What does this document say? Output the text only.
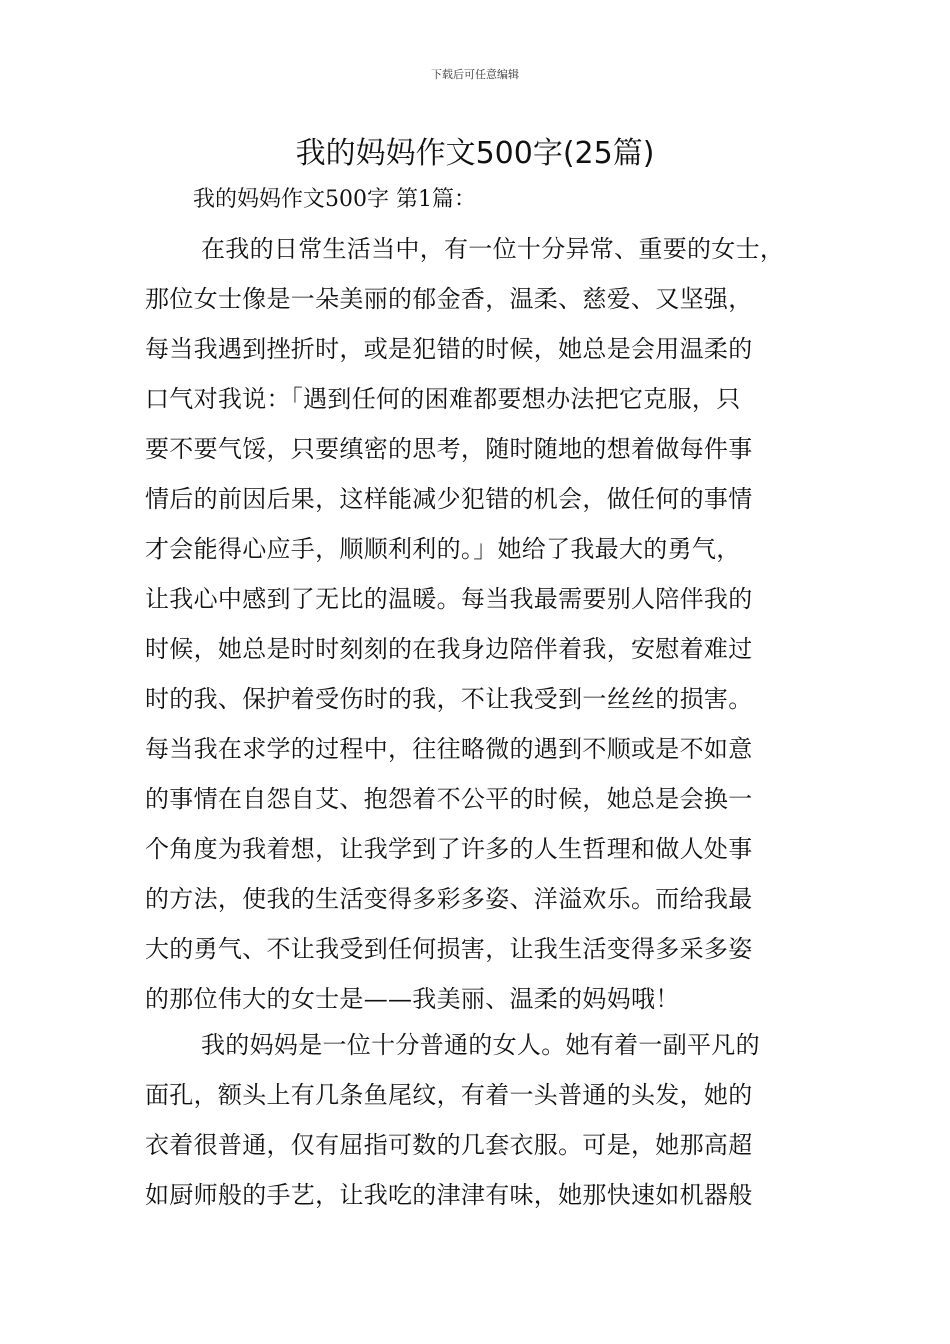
下载后可任意编辑
我的妈妈作文500字(25篇)
我的妈妈作文500字 第1篇：
在我的日常生活当中，有一位十分异常、重要的女士，
那位女士像是一朵美丽的郁金香，温柔、慈爱、又坚强，
每当我遇到挫折时，或是犯错的时候，她总是会用温柔的
口气对我说：「遇到任何的困难都要想办法把它克服，只
要不要气馁，只要缜密的思考，随时随地的想着做每件事
情后的前因后果，这样能减少犯错的机会，做任何的事情
才会能得心应手，顺顺利利的。」她给了我最大的勇气，
让我心中感到了无比的温暖。每当我最需要别人陪伴我的
时候，她总是时时刻刻的在我身边陪伴着我，安慰着难过
时的我、保护着受伤时的我，不让我受到一丝丝的损害。
每当我在求学的过程中，往往略微的遇到不顺或是不如意
的事情在自怨自艾、抱怨着不公平的时候，她总是会换一
个角度为我着想，让我学到了许多的人生哲理和做人处事
的方法，使我的生活变得多彩多姿、洋溢欢乐。而给我最
大的勇气、不让我受到任何损害，让我生活变得多采多姿
的那位伟大的女士是——我美丽、温柔的妈妈哦！
我的妈妈是一位十分普通的女人。她有着一副平凡的
面孔，额头上有几条鱼尾纹，有着一头普通的头发，她的
衣着很普通，仅有屈指可数的几套衣服。可是，她那高超
如厨师般的手艺，让我吃的津津有味，她那快速如机器般
